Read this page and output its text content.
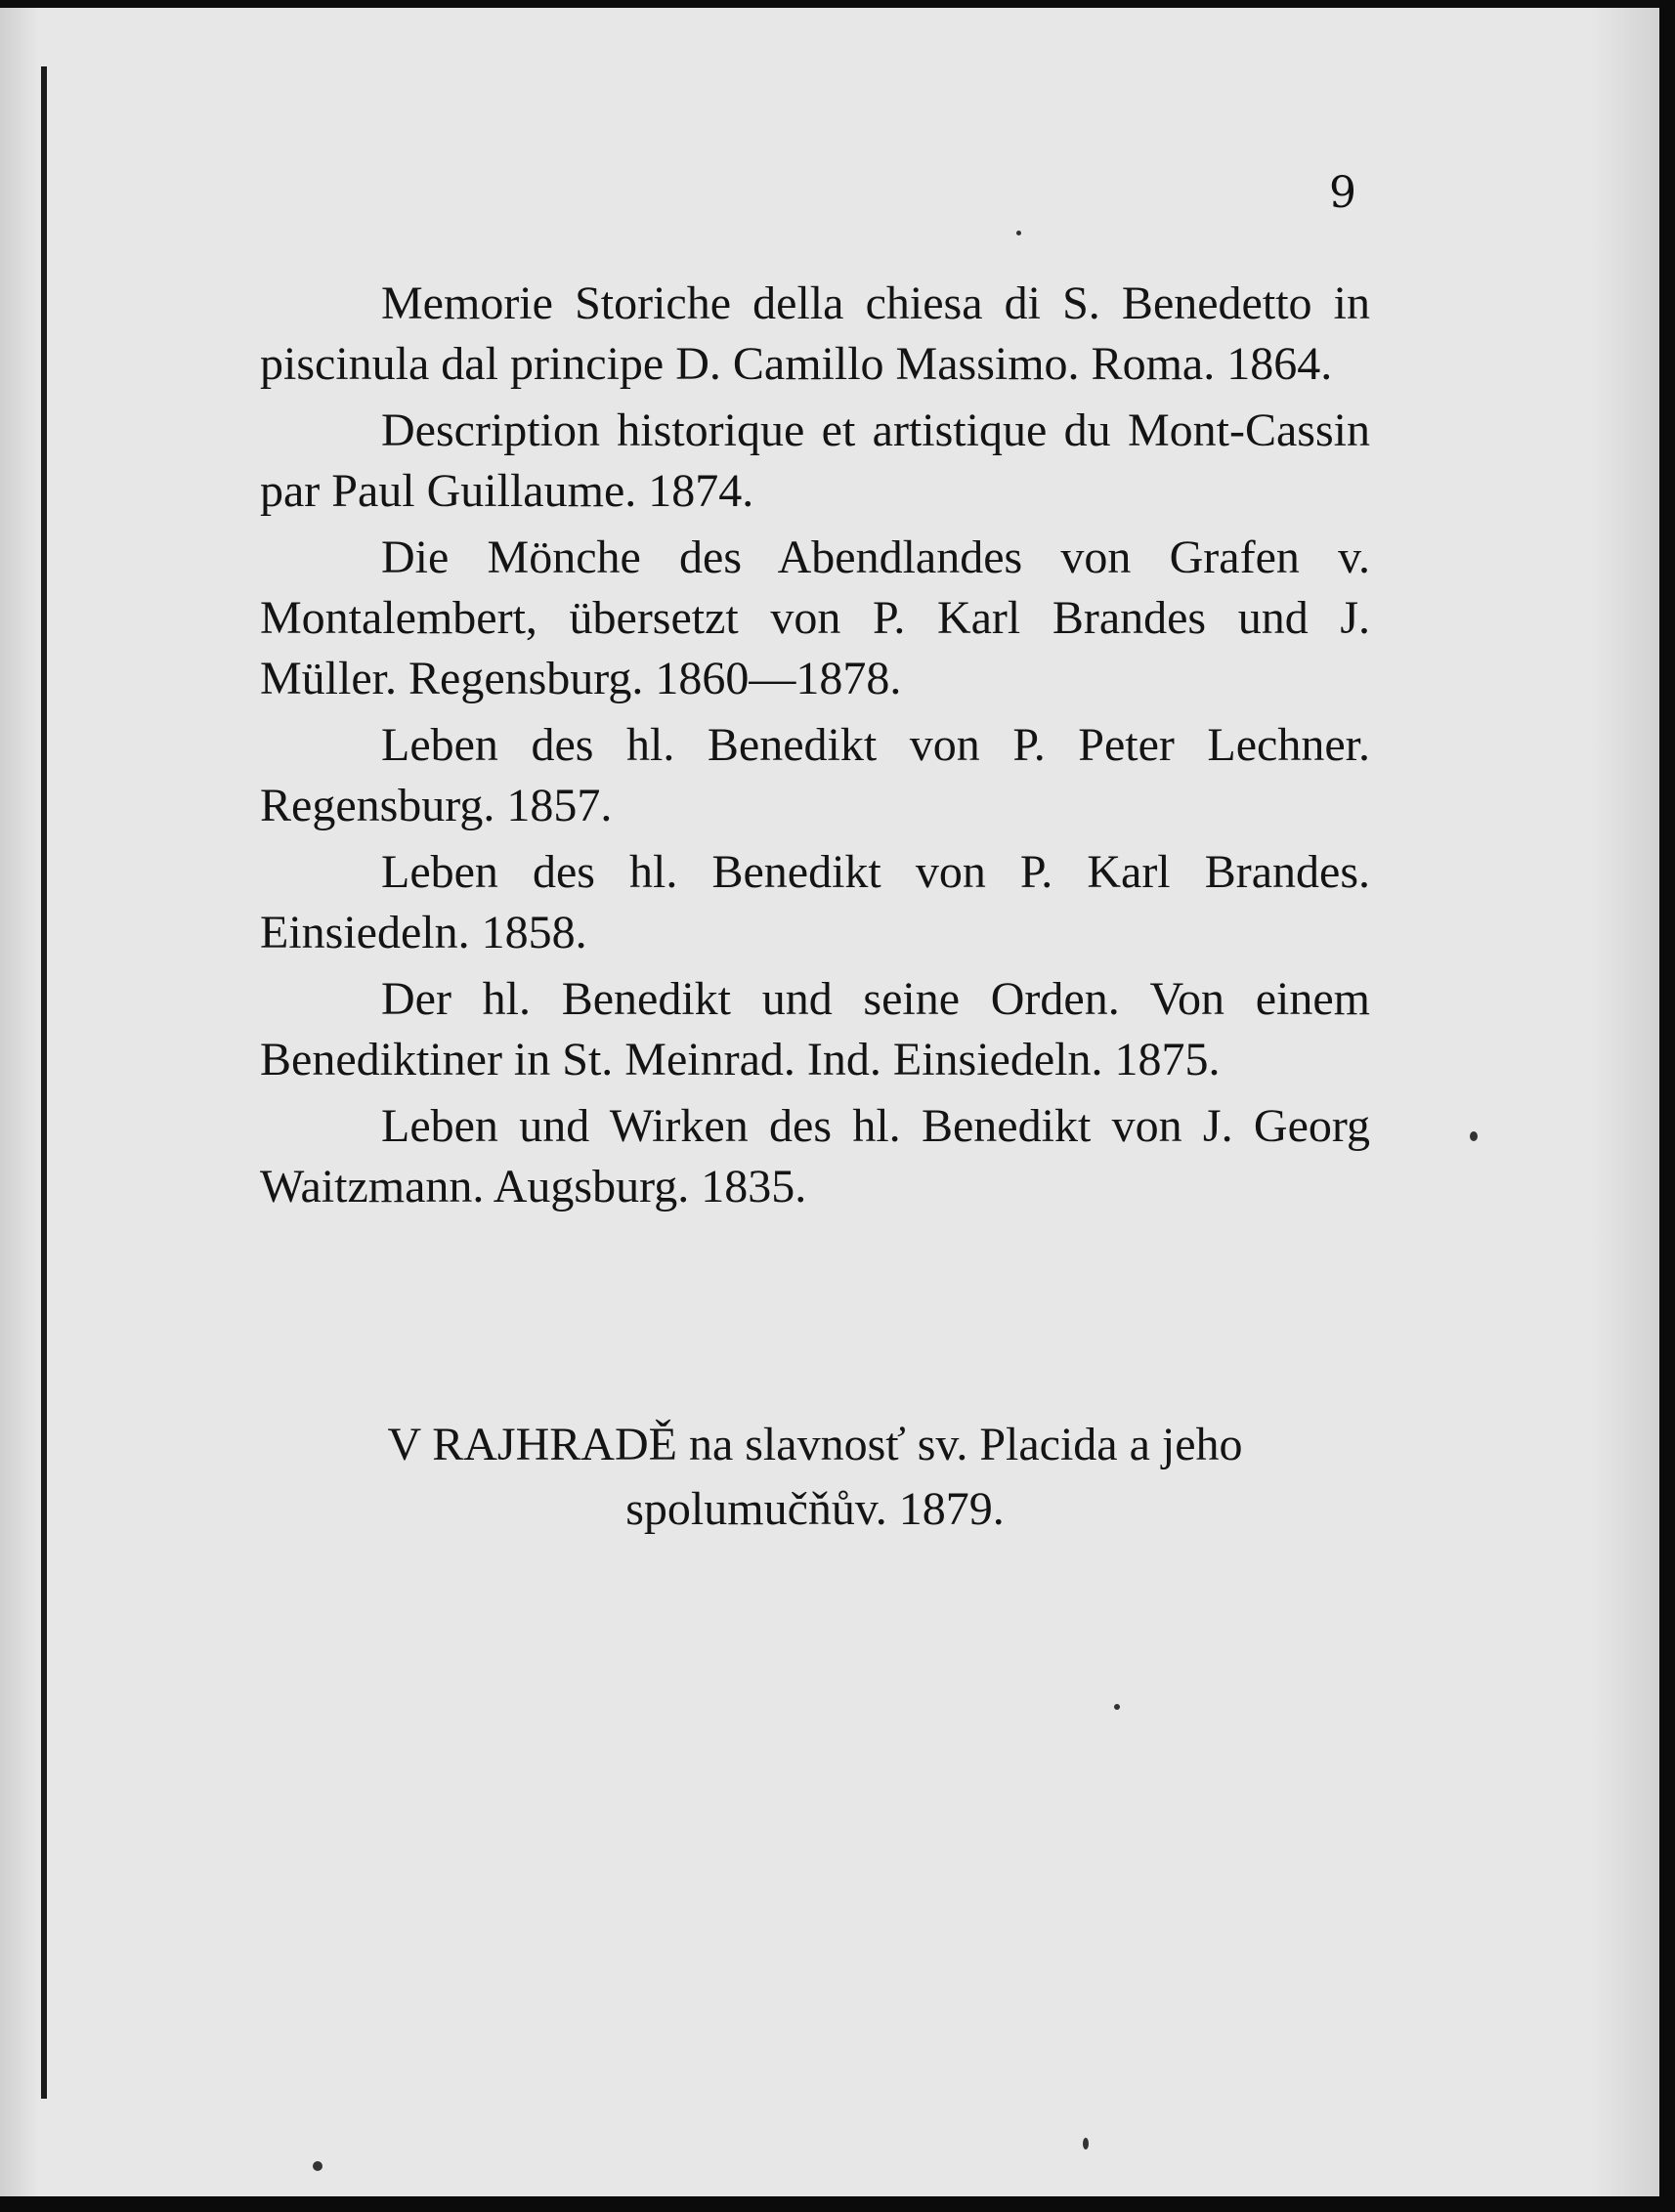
9

Memorie Storiche della chiesa di S. Benedetto in piscinula dal principe D. Camillo Massimo. Roma. 1864.

Description historique et artistique du Mont-Cassin par Paul Guillaume. 1874.

Die Mönche des Abendlandes von Grafen v. Montalembert, übersetzt von P. Karl Brandes und J. Müller. Regensburg. 1860—1878.

Leben des hl. Benedikt von P. Peter Lechner. Regensburg. 1857.

Leben des hl. Benedikt von P. Karl Brandes. Einsiedeln. 1858.

Der hl. Benedikt und seine Orden. Von einem Benediktiner in St. Meinrad. Ind. Einsiedeln. 1875.

Leben und Wirken des hl. Benedikt von J. Georg Waitzmann. Augsburg. 1835.

V RAJHRADĚ na slavnosť sv. Placida a jeho
spolumučňův. 1879.
